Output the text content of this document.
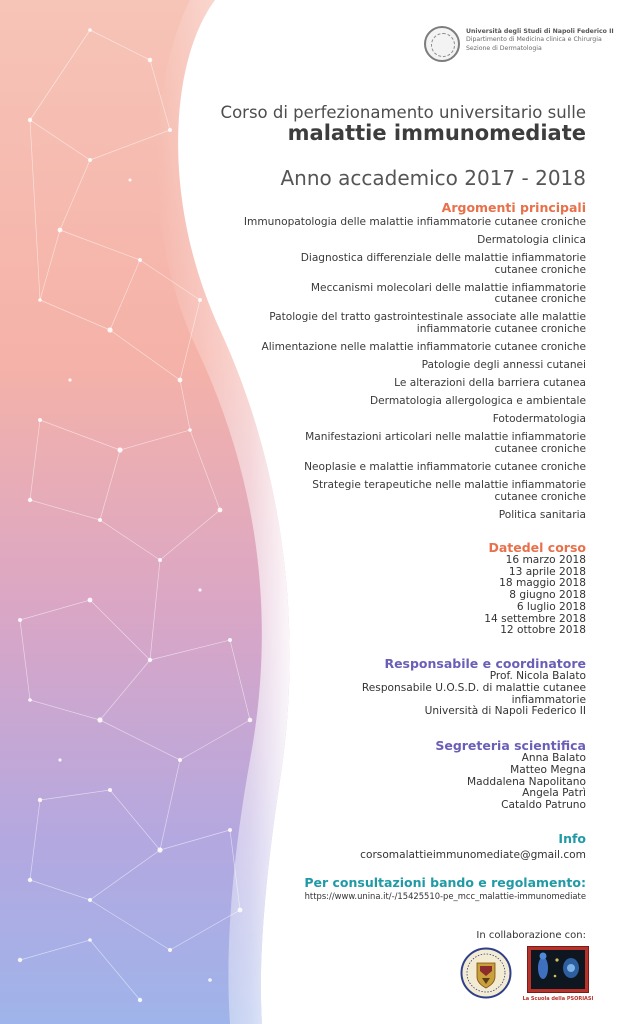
Università degli Studi di Napoli Federico II
Dipartimento di Medicina clinica e Chirurgia
Sezione di Dermatologia
Corso di perfezionamento universitario sulle
malattie immunomediate
Anno accademico 2017 - 2018
Argomenti principali
Immunopatologia delle malattie infiammatorie cutanee croniche
Dermatologia clinica
Diagnostica differenziale delle malattie infiammatorie
cutanee croniche
Meccanismi molecolari delle malattie infiammatorie
cutanee croniche
Patologie del tratto gastrointestinale associate alle malattie
infiammatorie cutanee croniche
Alimentazione nelle malattie infiammatorie cutanee croniche
Patologie degli annessi cutanei
Le alterazioni della barriera cutanea
Dermatologia allergologica e ambientale
Fotodermatologia
Manifestazioni articolari nelle malattie infiammatorie
cutanee croniche
Neoplasie e malattie infiammatorie cutanee croniche
Strategie terapeutiche nelle malattie infiammatorie
cutanee croniche
Politica sanitaria
Datedel corso
16 marzo 2018
13 aprile 2018
18 maggio 2018
8 giugno 2018
6 luglio 2018
14 settembre 2018
12 ottobre 2018
Responsabile e coordinatore
Prof. Nicola Balato
Responsabile U.O.S.D. di malattie cutanee
infiammatorie
Università di Napoli Federico II
Segreteria scientifica
Anna Balato
Matteo Megna
Maddalena Napolitano
Angela Patrì
Cataldo Patruno
Info
corsomalattieimmunomediate@gmail.com
Per consultazioni bando e regolamento:
https://www.unina.it/-/15425510-pe_mcc_malattie-immunomediate
In collaborazione con:
La Scuola della PSORIASI
